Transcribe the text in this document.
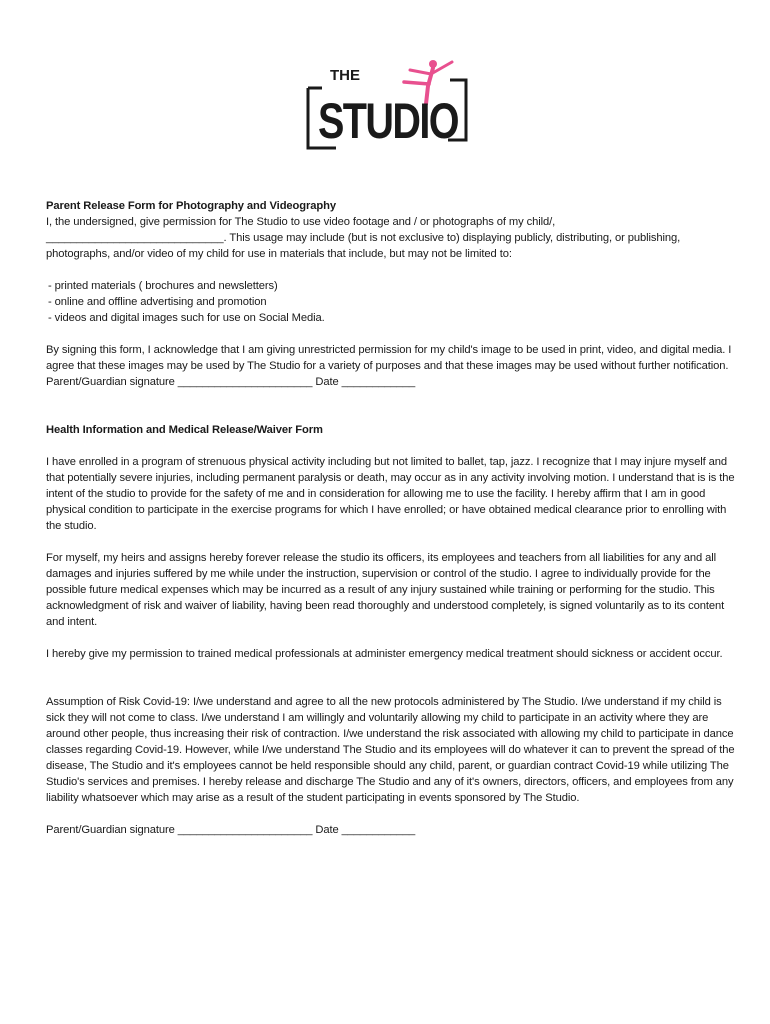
THE
STUDIO

Parent Release Form for Photography and Videography

I, the undersigned, give permission for The Studio to use video footage and / or photographs of my child/,

_____________________________. This usage may include (but is not exclusive to) displaying publicly, distributing, or publishing, photographs, and/or video of my child for use in materials that include, but may not be limited to:

- printed materials ( brochures and newsletters)
- online and offline advertising and promotion
- videos and digital images such for use on Social Media.

By signing this form, I acknowledge that I am giving unrestricted permission for my child's image to be used in print, video, and digital media. I agree that these images may be used by The Studio for a variety of purposes and that these images may be used without further notification.

Parent/Guardian signature ______________________ Date ____________

Health Information and Medical Release/Waiver Form

I have enrolled in a program of strenuous physical activity including but not limited to ballet, tap, jazz. I recognize that I may injure myself and that potentially severe injuries, including permanent paralysis or death, may occur as in any activity involving motion. I understand that is is the intent of the studio to provide for the safety of me and in consideration for allowing me to use the facility. I hereby affirm that I am in good physical condition to participate in the exercise programs for which I have enrolled; or have obtained medical clearance prior to enrolling with the studio.

For myself, my heirs and assigns hereby forever release the studio its officers, its employees and teachers from all liabilities for any and all damages and injuries suffered by me while under the instruction, supervision or control of the studio. I agree to individually provide for the possible future medical expenses which may be incurred as a result of any injury sustained while training or performing for the studio. This acknowledgment of risk and waiver of liability, having been read thoroughly and understood completely, is signed voluntarily as to its content and intent.

I hereby give my permission to trained medical professionals at administer emergency medical treatment should sickness or accident occur.

Assumption of Risk Covid-19: I/we understand and agree to all the new protocols administered by The Studio. I/we understand if my child is sick they will not come to class. I/we understand I am willingly and voluntarily allowing my child to participate in an activity where they are around other people, thus increasing their risk of contraction. I/we understand the risk associated with allowing my child to participate in dance classes regarding Covid-19. However, while I/we understand The Studio and its employees will do whatever it can to prevent the spread of the disease, The Studio and it's employees cannot be held responsible should any child, parent, or guardian contract Covid-19 while utilizing The Studio's services and premises. I hereby release and discharge The Studio and any of it's owners, directors, officers, and employees from any liability whatsoever which may arise as a result of the student participating in events sponsored by The Studio.

Parent/Guardian signature ______________________ Date ____________
